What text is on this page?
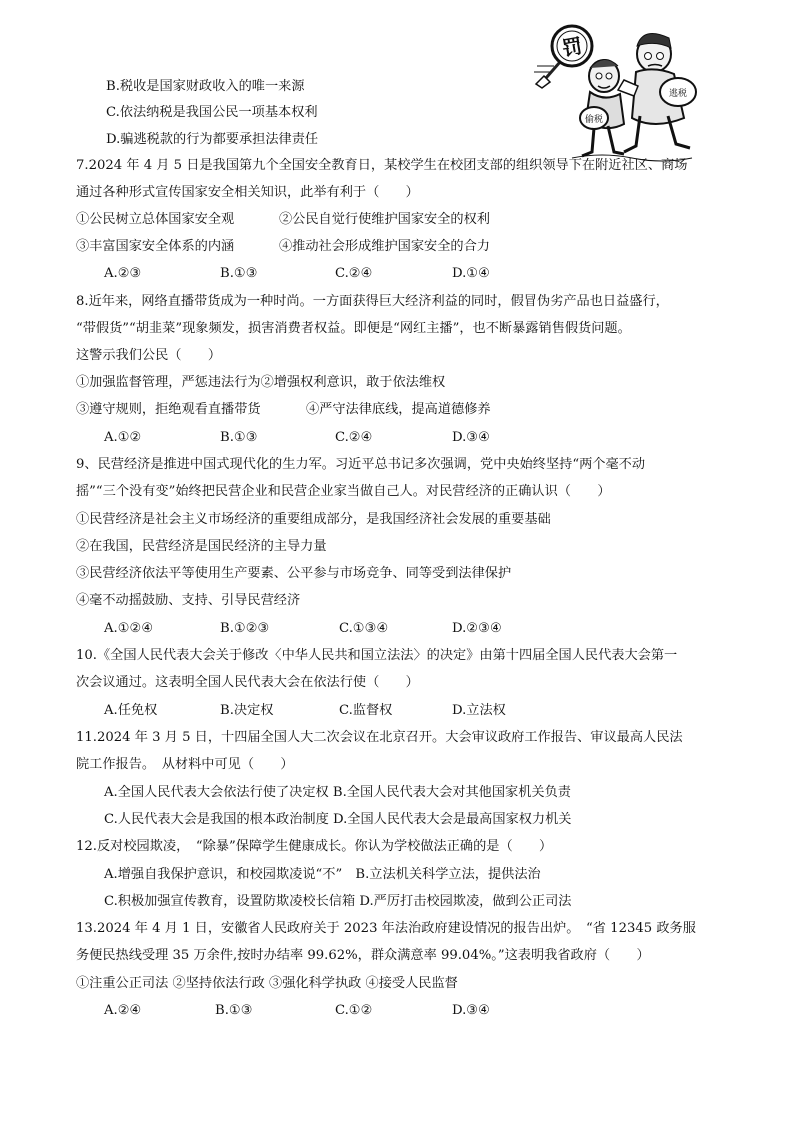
罚
偷税
逃税
B.税收是国家财政收入的唯一来源
C.依法纳税是我国公民一项基本权利
D.骗逃税款的行为都要承担法律责任
7.2024 年 4 月 5 日是我国第九个全国安全教育日，某校学生在校团支部的组织领导下在附近社区、商场
通过各种形式宣传国家安全相关知识，此举有利于（　　）
①公民树立总体国家安全观	②公民自觉行使维护国家安全的权利
③丰富国家安全体系的内涵	④推动社会形成维护国家安全的合力
A.②③	B.①③	C.②④	D.①④
8.近年来，网络直播带货成为一种时尚。一方面获得巨大经济利益的同时，假冒伪劣产品也日益盛行，
“带假货”“胡韭菜”现象频发，损害消费者权益。即便是“网红主播”，也不断暴露销售假货问题。
这警示我们公民（　　）
①加强监督管理，严惩违法行为②增强权利意识，敢于依法维权
③遵守规则，拒绝观看直播带货	④严守法律底线，提高道德修养
A.①②	B.①③	C.②④	D.③④
9、民营经济是推进中国式现代化的生力军。习近平总书记多次强调，党中央始终坚持“两个毫不动
摇”“三个没有变”始终把民营企业和民营企业家当做自己人。对民营经济的正确认识（　　）
①民营经济是社会主义市场经济的重要组成部分，是我国经济社会发展的重要基础
②在我国，民营经济是国民经济的主导力量
③民营经济依法平等使用生产要素、公平参与市场竞争、同等受到法律保护
④毫不动摇鼓励、支持、引导民营经济
A.①②④	B.①②③	C.①③④	D.②③④
10.《全国人民代表大会关于修改〈中华人民共和国立法法〉的决定》由第十四届全国人民代表大会第一
次会议通过。这表明全国人民代表大会在依法行使（　　）
A.任免权	B.决定权	C.监督权	D.立法权
11.2024 年 3 月 5 日，十四届全国人大二次会议在北京召开。大会审议政府工作报告、审议最高人民法
院工作报告。　从材料中可见（　　）
A.全国人民代表大会依法行使了决定权 B.全国人民代表大会对其他国家机关负责
C.人民代表大会是我国的根本政治制度 D.全国人民代表大会是最高国家权力机关
12.反对校园欺凌，　“除暴”保障学生健康成长。你认为学校做法正确的是（　　）
A.增强自我保护意识，和校园欺凌说“不”　B.立法机关科学立法，提供法治
C.积极加强宣传教育，设置防欺凌校长信箱 D.严厉打击校园欺凌，做到公正司法
13.2024 年 4 月 1 日，安徽省人民政府关于 2023 年法治政府建设情况的报告出炉。　“省 12345 政务服
务便民热线受理 35 万余件,按时办结率 99.62%，群众满意率 99.04%。”这表明我省政府（　　）
①注重公正司法 ②坚持依法行政 ③强化科学执政 ④接受人民监督
A.②④	B.①③	C.①②	D.③④
